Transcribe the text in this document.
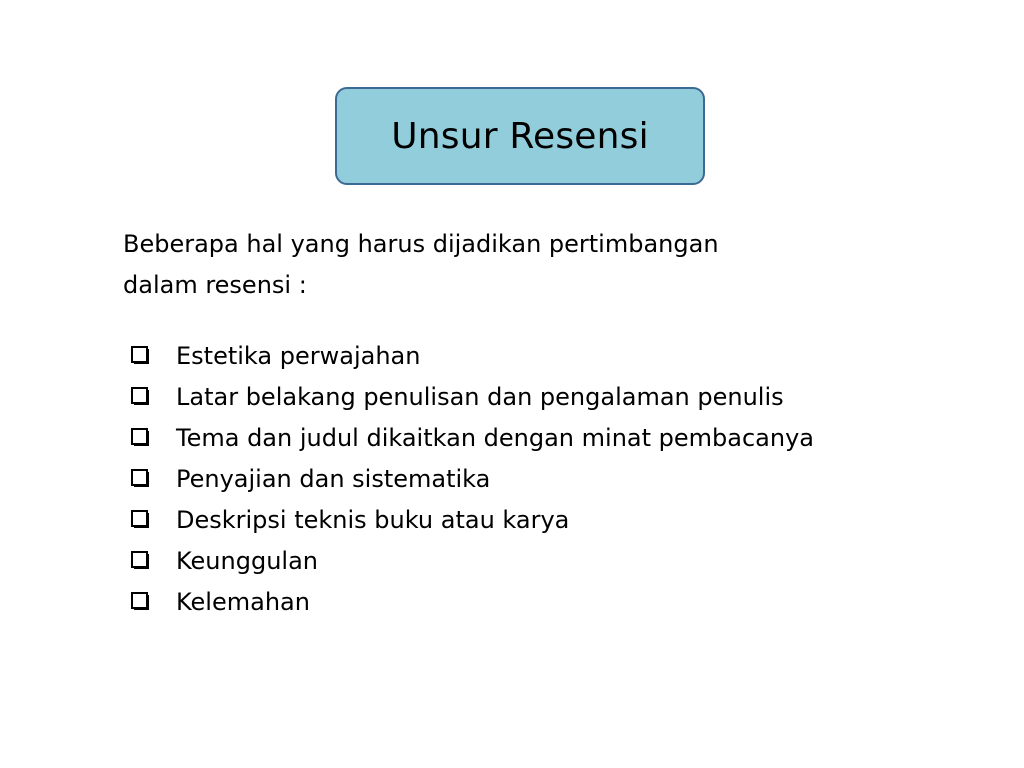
Unsur Resensi
Beberapa hal yang harus dijadikan pertimbangan
dalam resensi :
Estetika perwajahan
Latar belakang penulisan dan pengalaman penulis
Tema dan judul dikaitkan dengan minat pembacanya
Penyajian dan sistematika
Deskripsi teknis buku atau karya
Keunggulan
Kelemahan
